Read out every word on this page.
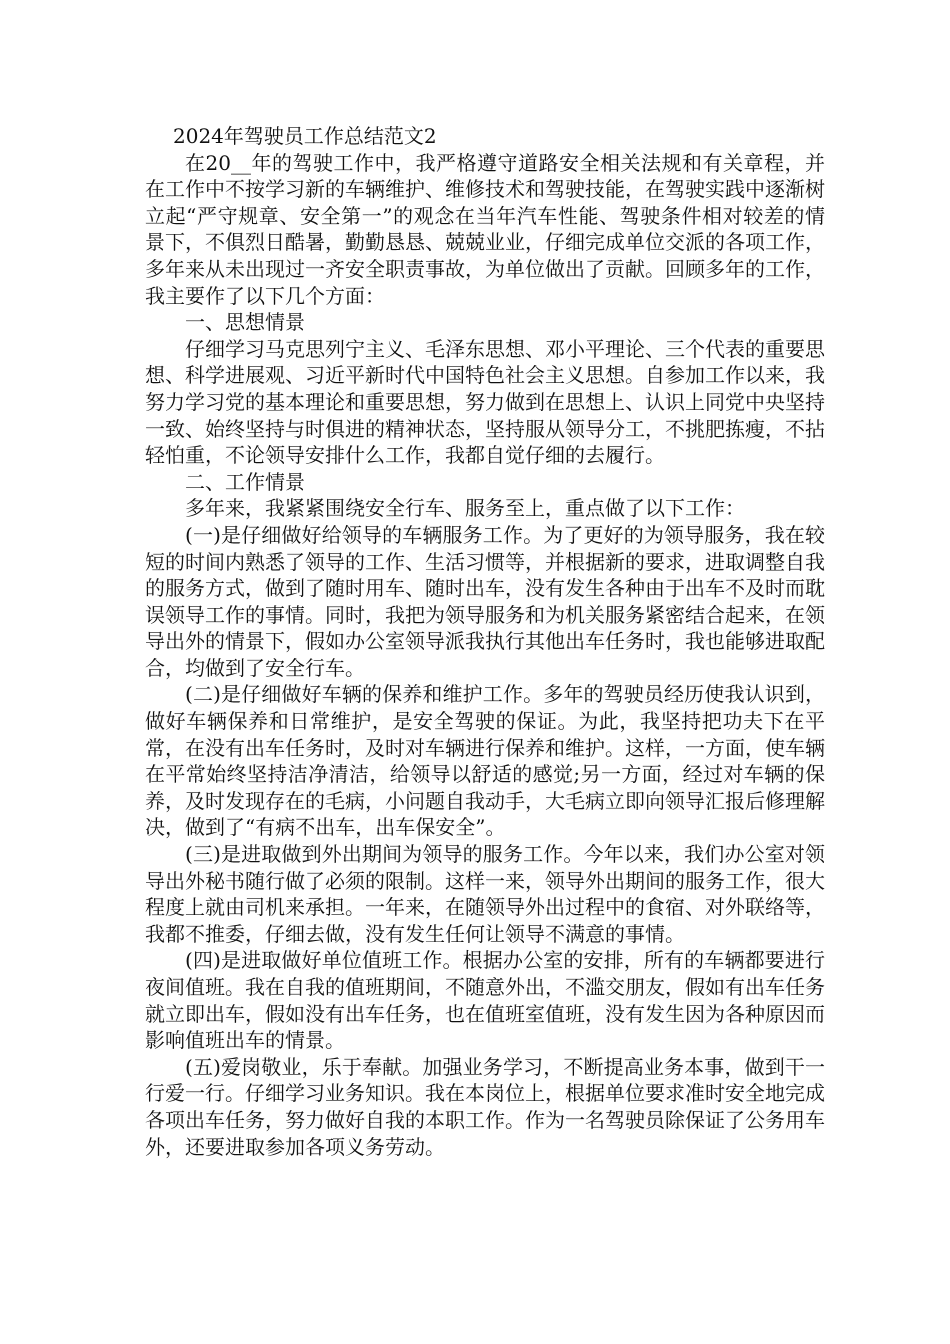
2024年驾驶员工作总结范文2

在20__年的驾驶工作中，我严格遵守道路安全相关法规和有关章程，并在工作中不按学习新的车辆维护、维修技术和驾驶技能，在驾驶实践中逐渐树立起“严守规章、安全第一”的观念在当年汽车性能、驾驶条件相对较差的情景下，不俱烈日酷暑，勤勤恳恳、兢兢业业，仔细完成单位交派的各项工作，多年来从未出现过一齐安全职责事故，为单位做出了贡献。回顾多年的工作，我主要作了以下几个方面：

一、思想情景

仔细学习马克思列宁主义、毛泽东思想、邓小平理论、三个代表的重要思想、科学进展观、习近平新时代中国特色社会主义思想。自参加工作以来，我努力学习党的基本理论和重要思想，努力做到在思想上、认识上同党中央坚持一致、始终坚持与时俱进的精神状态，坚持服从领导分工，不挑肥拣瘦，不拈轻怕重，不论领导安排什么工作，我都自觉仔细的去履行。

二、工作情景

多年来，我紧紧围绕安全行车、服务至上，重点做了以下工作：

(一)是仔细做好给领导的车辆服务工作。为了更好的为领导服务，我在较短的时间内熟悉了领导的工作、生活习惯等，并根据新的要求，进取调整自我的服务方式，做到了随时用车、随时出车，没有发生各种由于出车不及时而耽误领导工作的事情。同时，我把为领导服务和为机关服务紧密结合起来，在领导出外的情景下，假如办公室领导派我执行其他出车任务时，我也能够进取配合，均做到了安全行车。

(二)是仔细做好车辆的保养和维护工作。多年的驾驶员经历使我认识到，做好车辆保养和日常维护，是安全驾驶的保证。为此，我坚持把功夫下在平常，在没有出车任务时，及时对车辆进行保养和维护。这样，一方面，使车辆在平常始终坚持洁净清洁，给领导以舒适的感觉;另一方面，经过对车辆的保养，及时发现存在的毛病，小问题自我动手，大毛病立即向领导汇报后修理解决，做到了“有病不出车，出车保安全”。

(三)是进取做到外出期间为领导的服务工作。今年以来，我们办公室对领导出外秘书随行做了必须的限制。这样一来，领导外出期间的服务工作，很大程度上就由司机来承担。一年来，在随领导外出过程中的食宿、对外联络等，我都不推委，仔细去做，没有发生任何让领导不满意的事情。

(四)是进取做好单位值班工作。根据办公室的安排，所有的车辆都要进行夜间值班。我在自我的值班期间，不随意外出，不滥交朋友，假如有出车任务就立即出车，假如没有出车任务，也在值班室值班，没有发生因为各种原因而影响值班出车的情景。

(五)爱岗敬业，乐于奉献。加强业务学习，不断提高业务本事，做到干一行爱一行。仔细学习业务知识。我在本岗位上，根据单位要求准时安全地完成各项出车任务，努力做好自我的本职工作。作为一名驾驶员除保证了公务用车外，还要进取参加各项义务劳动。
